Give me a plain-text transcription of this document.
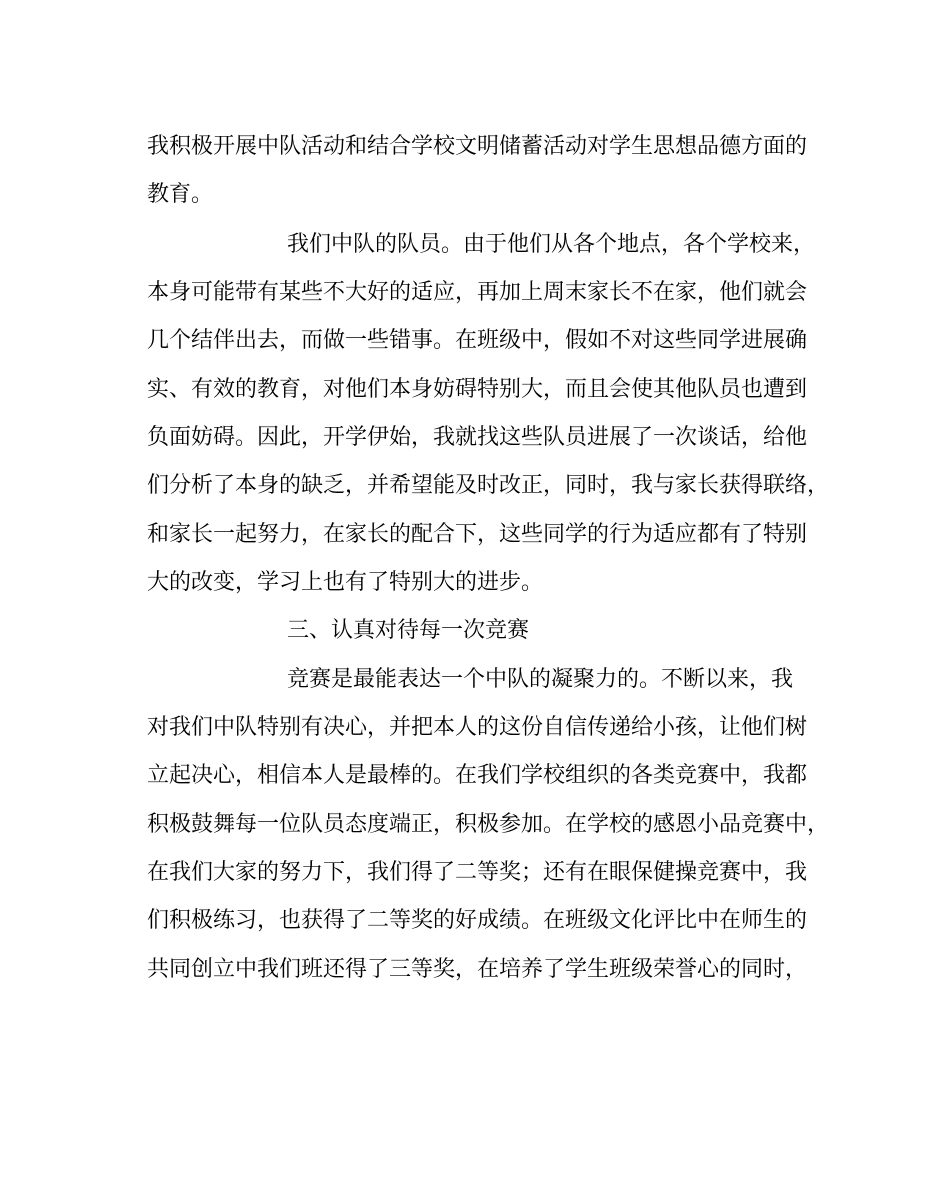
我积极开展中队活动和结合学校文明储蓄活动对学生思想品德方面的
教育。
我们中队的队员。由于他们从各个地点，各个学校来，
本身可能带有某些不大好的适应，再加上周末家长不在家，他们就会
几个结伴出去，而做一些错事。在班级中，假如不对这些同学进展确
实、有效的教育，对他们本身妨碍特别大，而且会使其他队员也遭到
负面妨碍。因此，开学伊始，我就找这些队员进展了一次谈话，给他
们分析了本身的缺乏，并希望能及时改正，同时，我与家长获得联络，
和家长一起努力，在家长的配合下，这些同学的行为适应都有了特别
大的改变，学习上也有了特别大的进步。
三、认真对待每一次竞赛
竞赛是最能表达一个中队的凝聚力的。不断以来，我
对我们中队特别有决心，并把本人的这份自信传递给小孩，让他们树
立起决心，相信本人是最棒的。在我们学校组织的各类竞赛中，我都
积极鼓舞每一位队员态度端正，积极参加。在学校的感恩小品竞赛中，
在我们大家的努力下，我们得了二等奖；还有在眼保健操竞赛中，我
们积极练习，也获得了二等奖的好成绩。在班级文化评比中在师生的
共同创立中我们班还得了三等奖，在培养了学生班级荣誉心的同时，
